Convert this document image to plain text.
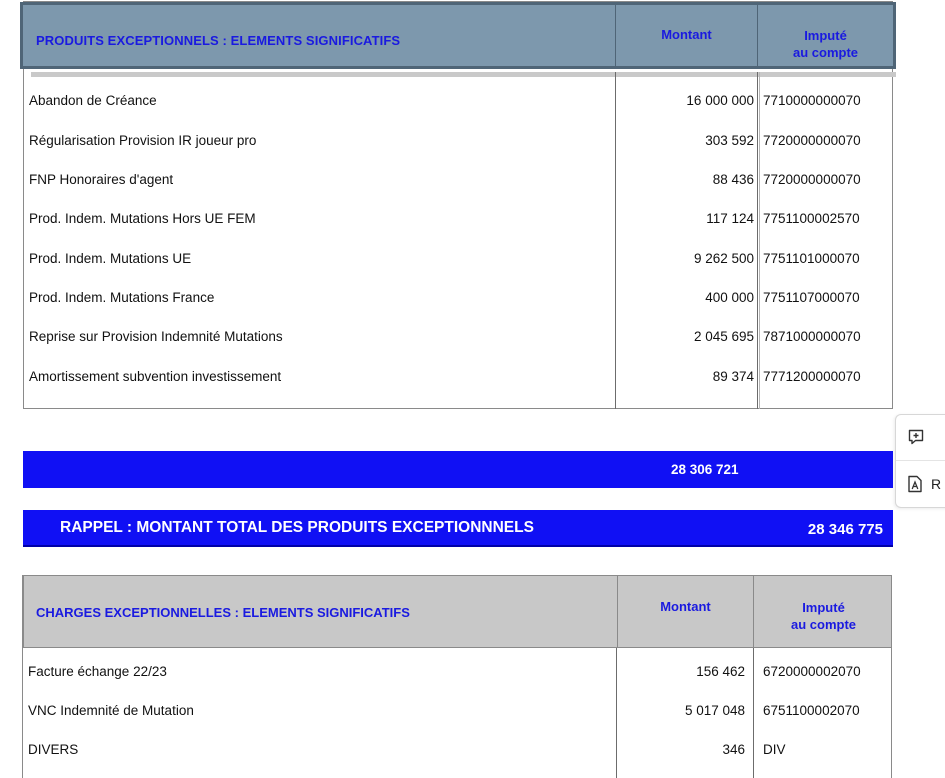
PRODUITS EXCEPTIONNELS : ELEMENTS SIGNIFICATIFS	Montant	Imputé
au compte
Abandon de Créance	16 000 000 7710000000070
Régularisation Provision IR joueur pro	303 592 7720000000070
FNP Honoraires d'agent	88 436 7720000000070
Prod. Indem. Mutations Hors UE FEM	117 124 7751100002570
Prod. Indem. Mutations UE	9 262 500 7751101000070
Prod. Indem. Mutations France	400 000 7751107000070
Reprise sur Provision Indemnité Mutations	2 045 695 7871000000070
Amortissement subvention investissement	89 374 7771200000070
28 306 721
RAPPEL : MONTANT TOTAL DES PRODUITS EXCEPTIONNNELS	28 346 775
CHARGES EXCEPTIONNELLES : ELEMENTS SIGNIFICATIFS	Montant	Imputé
au compte
Facture échange 22/23	156 462 6720000002070
VNC Indemnité de Mutation	5 017 048 6751100002070
DIVERS	346 DIV
R
